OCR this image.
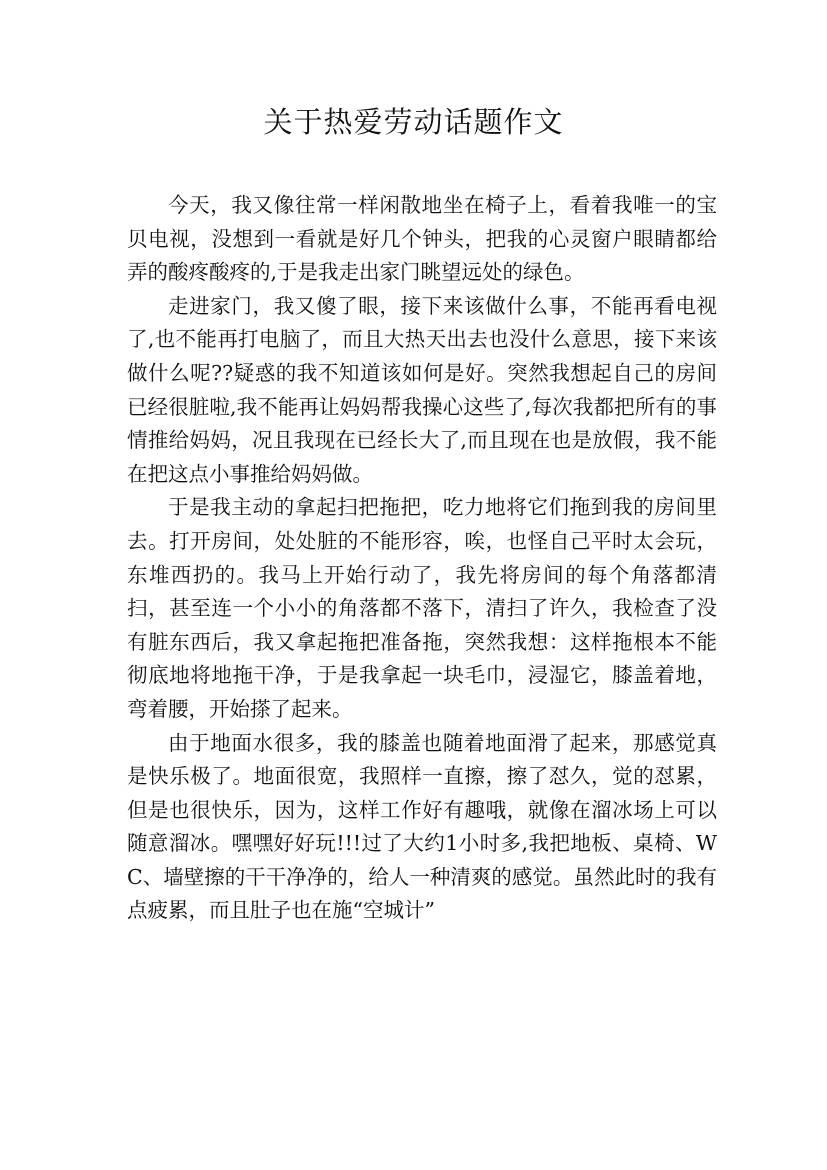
关于热爱劳动话题作文

今天，我又像往常一样闲散地坐在椅子上，看着我唯一的宝贝电视，没想到一看就是好几个钟头，把我的心灵窗户眼睛都给弄的酸疼酸疼的,于是我走出家门眺望远处的绿色。

走进家门，我又傻了眼，接下来该做什么事，不能再看电视了,也不能再打电脑了，而且大热天出去也没什么意思，接下来该做什么呢??疑惑的我不知道该如何是好。突然我想起自己的房间已经很脏啦,我不能再让妈妈帮我操心这些了,每次我都把所有的事情推给妈妈，况且我现在已经长大了,而且现在也是放假，我不能在把这点小事推给妈妈做。

于是我主动的拿起扫把拖把，吃力地将它们拖到我的房间里去。打开房间，处处脏的不能形容，唉，也怪自己平时太会玩，东堆西扔的。我马上开始行动了，我先将房间的每个角落都清扫，甚至连一个小小的角落都不落下，清扫了许久，我检查了没有脏东西后，我又拿起拖把准备拖，突然我想：这样拖根本不能彻底地将地拖干净，于是我拿起一块毛巾，浸湿它，膝盖着地，弯着腰，开始搽了起来。

由于地面水很多，我的膝盖也随着地面滑了起来，那感觉真是快乐极了。地面很宽，我照样一直擦，擦了怼久，觉的怼累，但是也很快乐，因为，这样工作好有趣哦，就像在溜冰场上可以随意溜冰。嘿嘿好好玩!!!过了大约1小时多,我把地板、桌椅、WC、墙壁擦的干干净净的，给人一种清爽的感觉。虽然此时的我有点疲累，而且肚子也在施“空城计”
